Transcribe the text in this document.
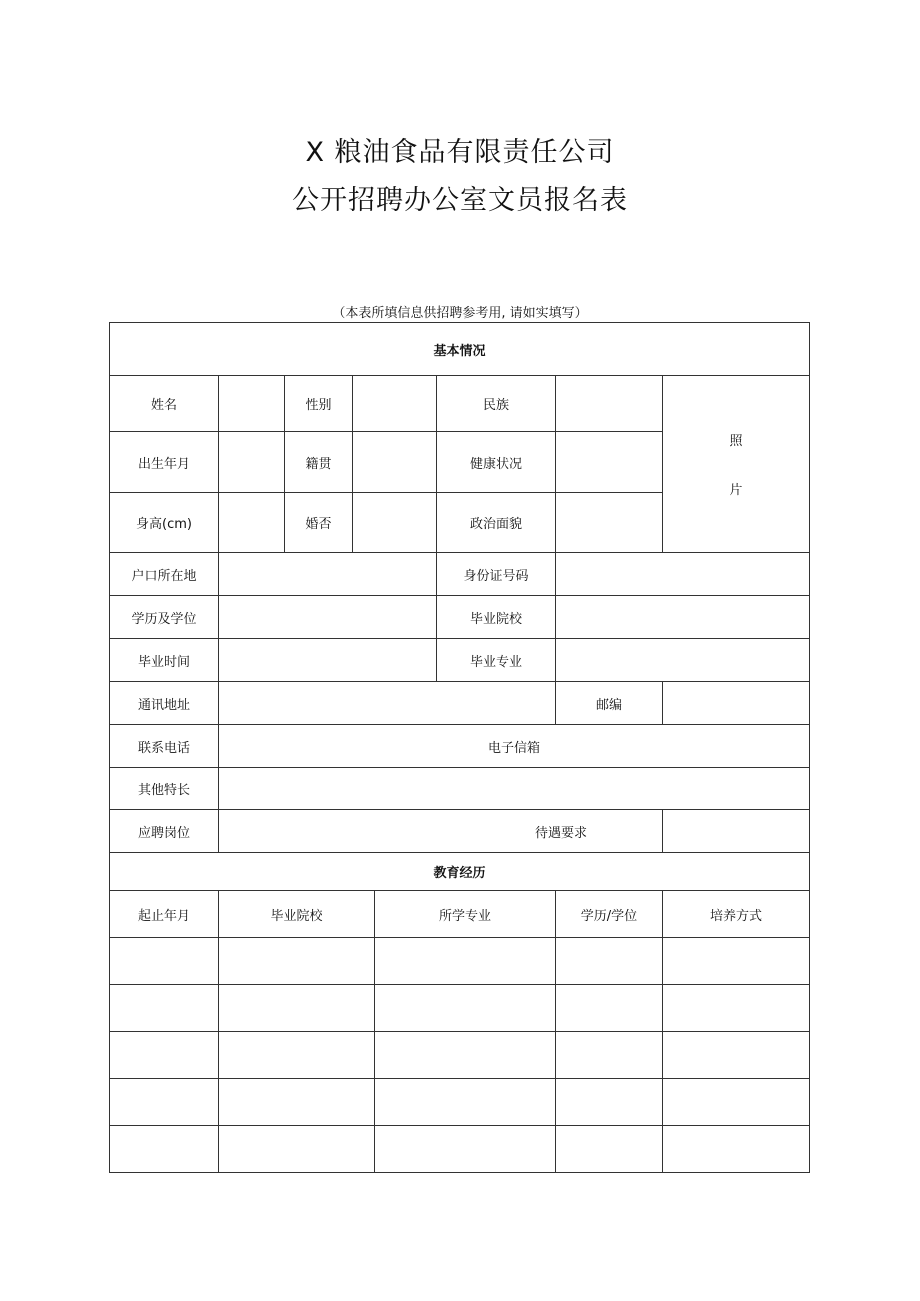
X 粮油食品有限责任公司
公开招聘办公室文员报名表
（本表所填信息供招聘参考用, 请如实填写）
基本情况							
姓名		性别			民族		照
片

出生年月		籍贯			健康状况		
身高(cm)		婚否			政治面貌		
户口所在地					身份证号码		
学历及学位					毕业院校		
毕业时间					毕业专业		
通讯地址						邮编	
联系电话	电子信箱						
其他特长							
应聘岗位	待遇要求						
教育经历							
起止年月	毕业院校			所学专业		学历/学位	培养方式
